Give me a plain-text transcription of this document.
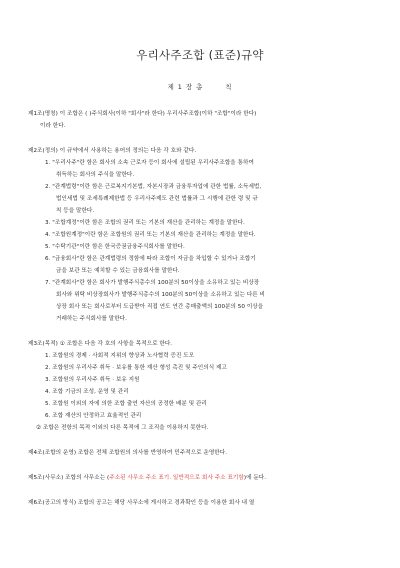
우리사주조합 (표준)규약
제 1 장 총	칙
제1조(명칭) 이 조합은 ( )주식회사(이하 "회사"라 한다) 우리사주조합(이하 "조합"이라 한다)
이라 한다.
제2조(정의) 이 규약에서 사용하는 용어의 정의는 다음 각 호와 같다.
1. "우리사주"란 함은 회사의 소속 근로자 등이 회사에 설립된 우리사주조합을 통하여
취득하는 회사의 주식을 말한다.
2. "관계법령"이란 함은 근로복지기본법, 자본시장과 금융투자업에 관한 법률, 소득세법,
법인세법 및 조세특례제한법 등 우리사주제도 관련 법률과 그 시행에 관한 령 및 규
칙 등을 말한다.
3. "조합계정"이란 함은 조합의 권리 또는 기본의 재산을 관리하는 계정을 말한다.
4. "조합원계정"이란 함은 조합원의 권리 또는 기본의 재산을 관리하는 계정을 말한다.
5. "수탁기관"이란 함은 한국증권금융주식회사를 말한다.
6. "금융회사"란 함은 관계법령의 정함에 따라 조합이 자금을 차입할 수 있거나 조합기
금을 보관 또는 예치할 수 있는 금융회사를 말한다.
7. "관계회사"란 함은 회사가 발행주식총수의 100분의 50이상을 소유하고 있는 비상장
회사와 위탁 비상장회사가 발행주식총수의 100분의 50이상을 소유하고 있는 다른 비
상장 회사 또는 회사로부터 도급받아 직접 연도 연간 총매출액의 100분의 50 이상을
거래하는 주식회사를 말한다.
제3조(목적) ① 조합은 다음 각 호의 사항을 목적으로 한다.
1. 조합원의 경제 · 사회적 지위의 향상과 노사협력 증진 도모
2. 조합원의 우리사주 취득 · 보유를 통한 재산 형성 촉진 및 주인의식 제고
3. 조합원의 우리사주 취득 · 보유 지원
4. 조합 기금의 조성, 운영 및 관리
5. 조합원 이외의 자에 의한 조합 출연 자산의 공정한 배분 및 관리
6. 조합 재산의 안정하고 효율적인 관리
② 조합은 전항의 목적 이외의 다른 목적에 그 조직을 이용하지 못한다.
제4조(조합의 운영) 조합은 전체 조합원의 의사를 반영하여 민주적으로 운영한다.
제5조(사무소) 조합의 사무소는 (주소된 사무소 주소 표기. 일반적으로 회사 주소 표기함)에 둔다.
제6조(공고의 방식) 조합의 공고는 해당 사무소에 게시하고 경과확인 등을 이용한 회사 내 열
